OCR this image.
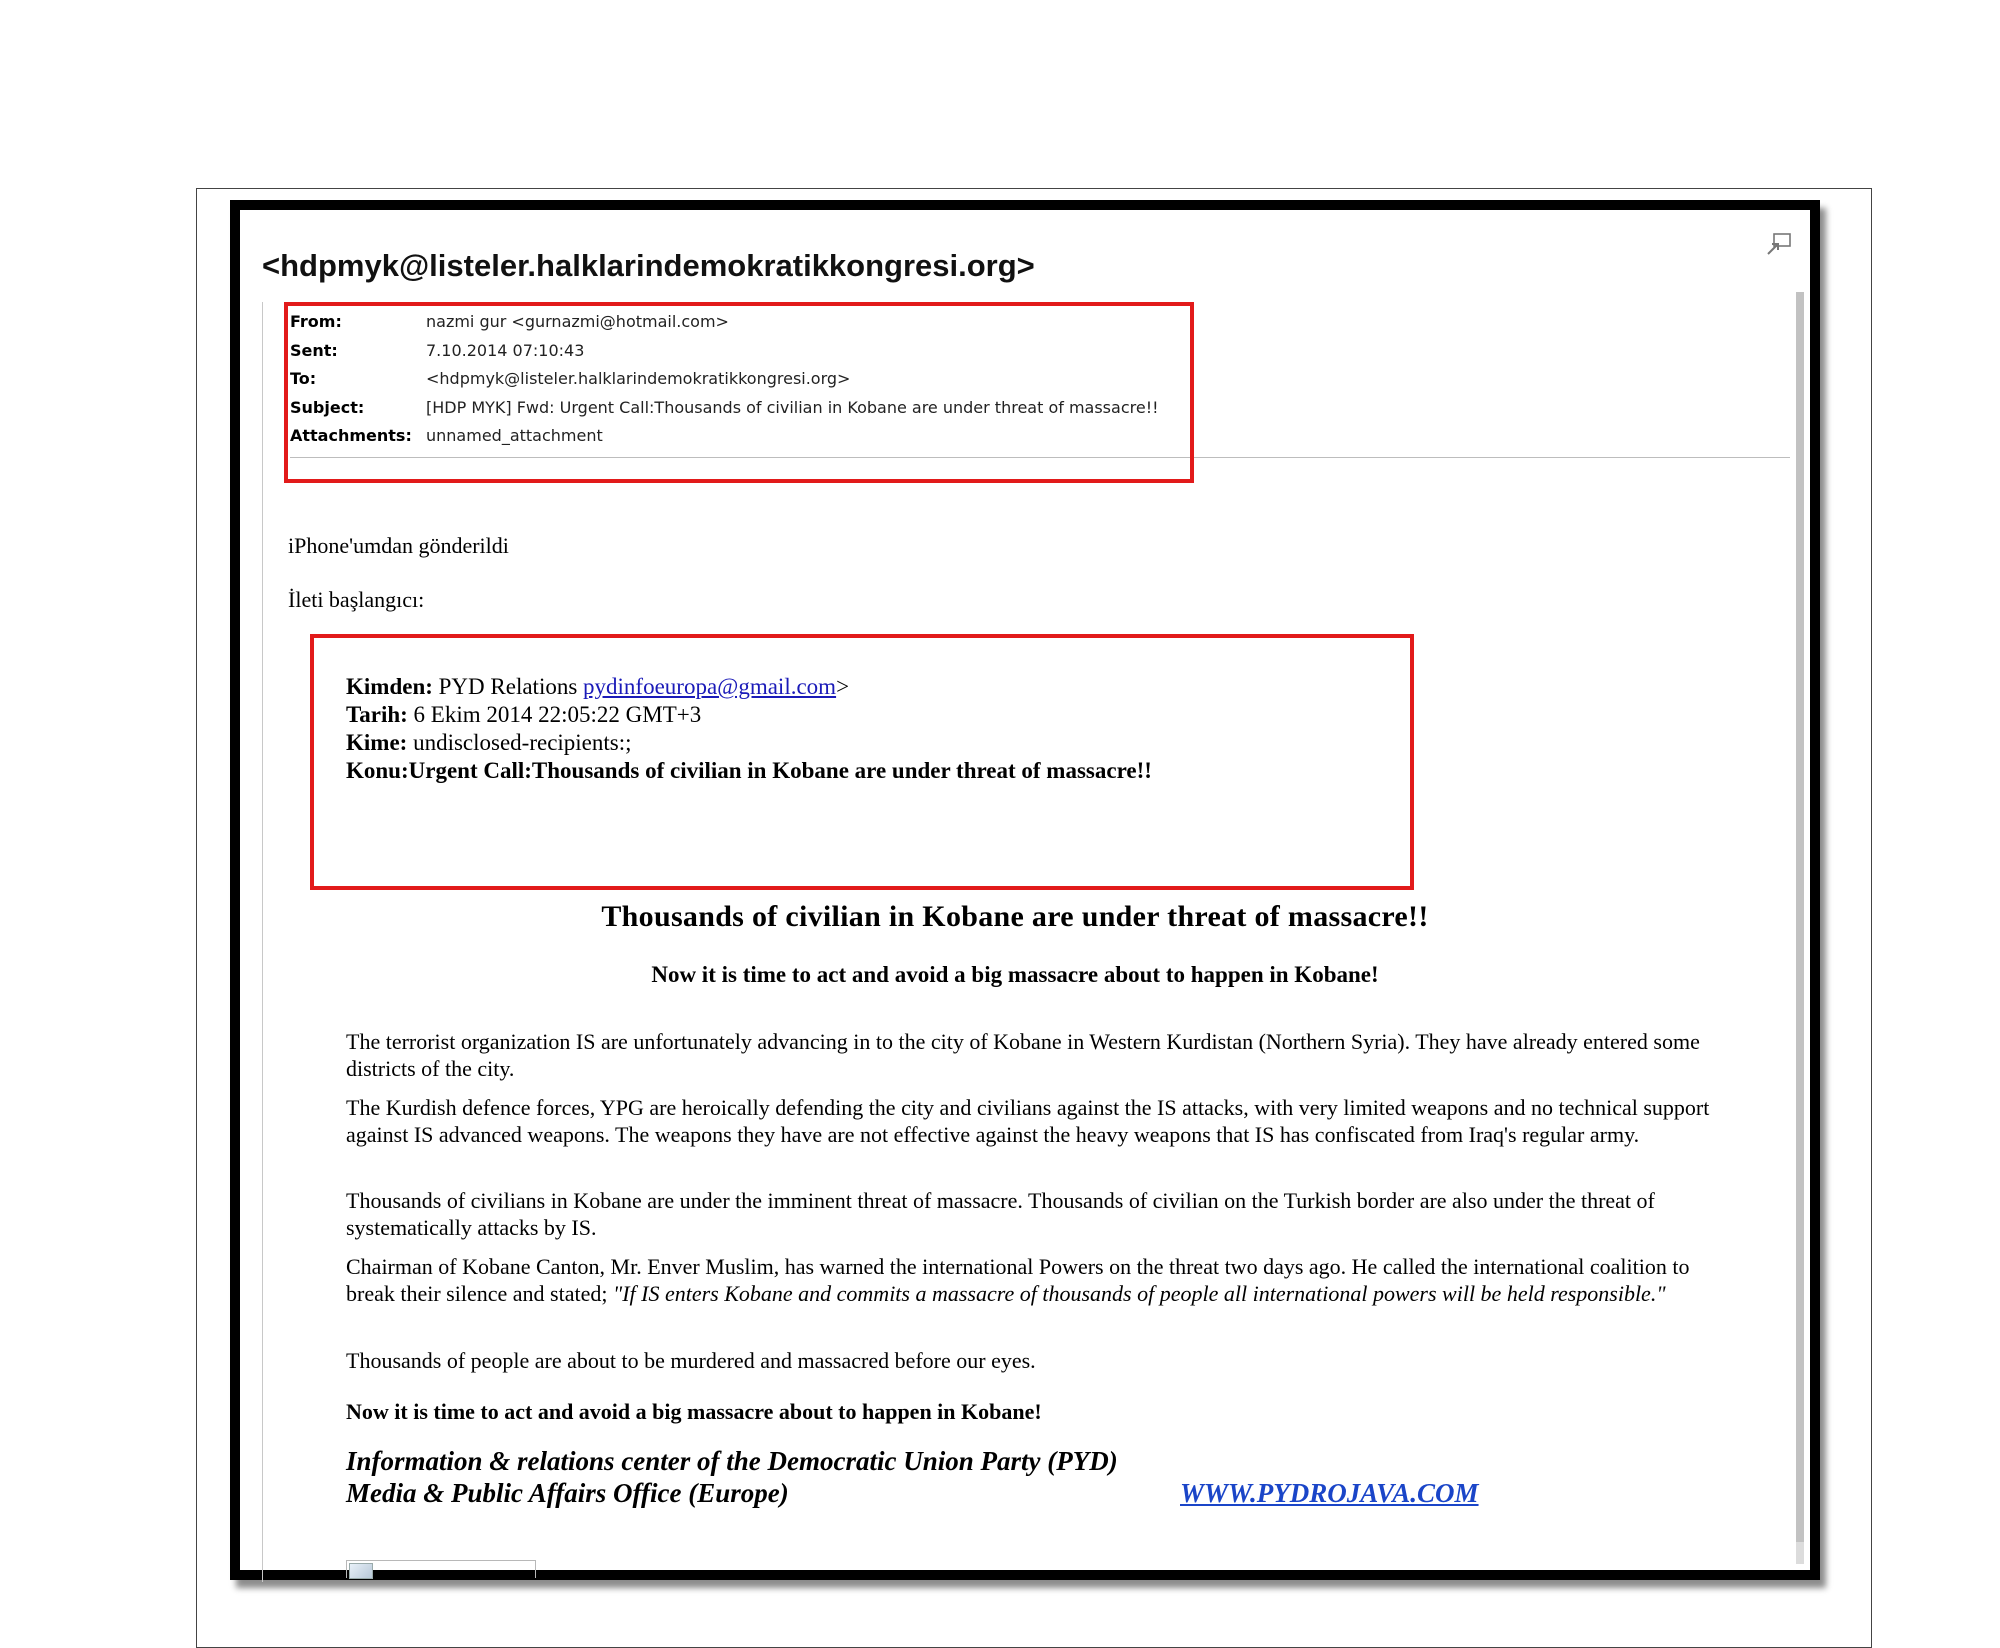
<hdpmyk@listeler.halklarindemokratikkongresi.org>
From:	nazmi gur <gurnazmi@hotmail.com>
Sent:	7.10.2014 07:10:43
To:	<hdpmyk@listeler.halklarindemokratikkongresi.org>
Subject:	[HDP MYK] Fwd: Urgent Call:Thousands of civilian in Kobane are under threat of massacre!!
Attachments: unnamed_attachment
iPhone'umdan gönderildi
İleti başlangıcı:
Kimden: PYD Relations pydinfoeuropa@gmail.com>
Tarih: 6 Ekim 2014 22:05:22 GMT+3
Kime: undisclosed-recipients:;
Konu:Urgent Call:Thousands of civilian in Kobane are under threat of massacre!!
Thousands of civilian in Kobane are under threat of massacre!!
Now it is time to act and avoid a big massacre about to happen in Kobane!
The terrorist organization IS are unfortunately advancing in to the city of Kobane in Western Kurdistan (Northern Syria). They have already entered some districts of the city.
The Kurdish defence forces, YPG are heroically defending the city and civilians against the IS attacks, with very limited weapons and no technical support against IS advanced weapons. The weapons they have are not effective against the heavy weapons that IS has confiscated from Iraq's regular army.
Thousands of civilians in Kobane are under the imminent threat of massacre. Thousands of civilian on the Turkish border are also under the threat of systematically attacks by IS.
Chairman of Kobane Canton, Mr. Enver Muslim, has warned the international Powers on the threat two days ago. He called the international coalition to break their silence and stated; "If IS enters Kobane and commits a massacre of thousands of people all international powers will be held responsible."
Thousands of people are about to be murdered and massacred before our eyes.
Now it is time to act and avoid a big massacre about to happen in Kobane!
Information & relations center of the Democratic Union Party (PYD)
Media & Public Affairs Office (Europe)	WWW.PYDROJAVA.COM
